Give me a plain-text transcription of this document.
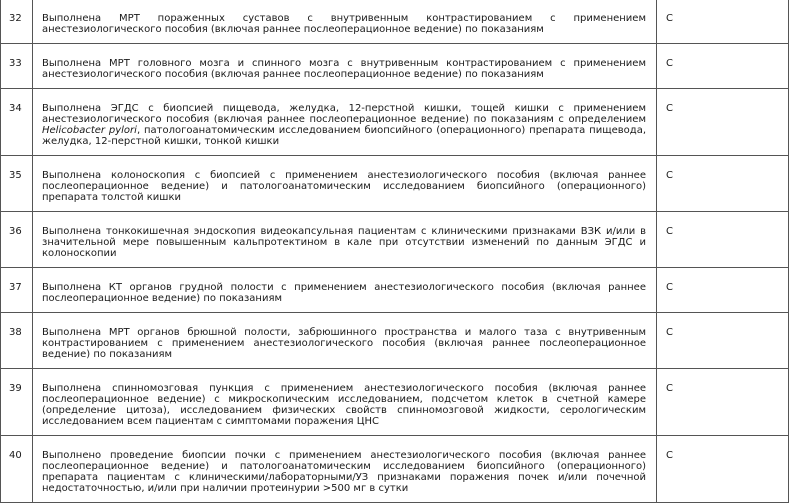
32	Выполнена МРТ пораженных суставов с внутривенным контрастированием с применением анестезиологического пособия (включая раннее послеоперационное ведение) по показаниям	С
33	Выполнена МРТ головного мозга и спинного мозга с внутривенным контрастированием с применением анестезиологического пособия (включая раннее послеоперационное ведение) по показаниям	С
34	Выполнена ЭГДС с биопсией пищевода, желудка, 12-перстной кишки, тощей кишки с применением анестезиологического пособия (включая раннее послеоперационное ведение) по показаниям с определением Helicobacter pylori, патологоанатомическим исследованием биопсийного (операционного) препарата пищевода, желудка, 12-перстной кишки, тонкой кишки	С
35	Выполнена колоноскопия с биопсией с применением анестезиологического пособия (включая раннее послеоперационное ведение) и патологоанатомическим исследованием биопсийного (операционного) препарата толстой кишки	С
36	Выполнена тонкокишечная эндоскопия видеокапсульная пациентам с клиническими признаками ВЗК и/или в значительной мере повышенным кальпротектином в кале при отсутствии изменений по данным ЭГДС и колоноскопии	С
37	Выполнена КТ органов грудной полости с применением анестезиологического пособия (включая раннее послеоперационное ведение) по показаниям	С
38	Выполнена МРТ органов брюшной полости, забрюшинного пространства и малого таза с внутривенным контрастированием с применением анестезиологического пособия (включая раннее послеоперационное ведение) по показаниям	С
39	Выполнена спинномозговая пункция с применением анестезиологического пособия (включая раннее послеоперационное ведение) с микроскопическим исследованием, подсчетом клеток в счетной камере (определение цитоза), исследованием физических свойств спинномозговой жидкости, серологическим исследованием всем пациентам с симптомами поражения ЦНС	С
40	Выполнено проведение биопсии почки с применением анестезиологического пособия (включая раннее послеоперационное ведение) и патологоанатомическим исследованием биопсийного (операционного) препарата пациентам с клиническими/лабораторными/УЗ признаками поражения почек и/или почечной недостаточностью, и/или при наличии протеинурии >500 мг в сутки	С
